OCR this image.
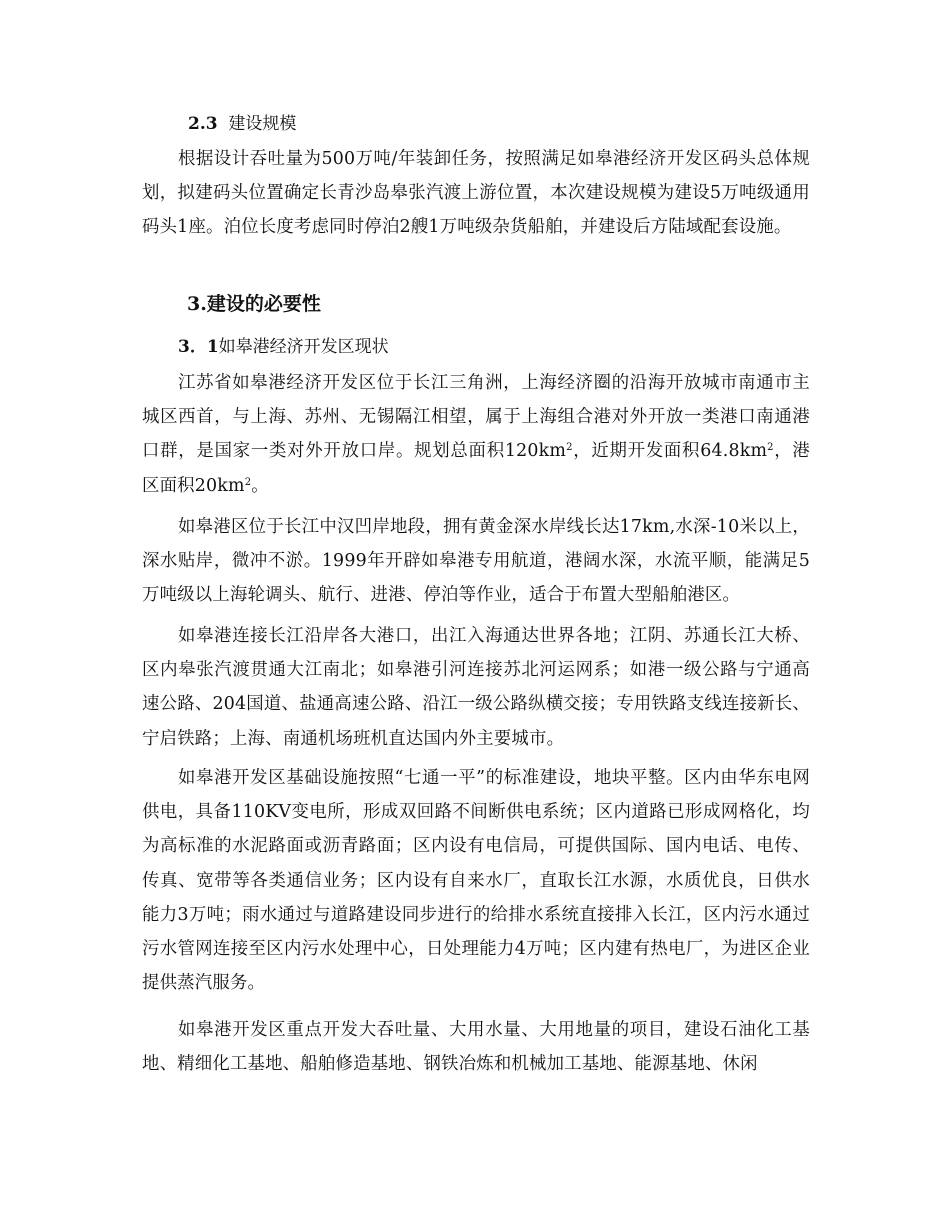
2.3 建设规模
根据设计吞吐量为500万吨/年装卸任务，按照满足如皋港经济开发区码头总体规划，拟建码头位置确定长青沙岛皋张汽渡上游位置，本次建设规模为建设5万吨级通用码头1座。泊位长度考虑同时停泊2艘1万吨级杂货船舶，并建设后方陆域配套设施。
3.建设的必要性
3．1如皋港经济开发区现状
江苏省如皋港经济开发区位于长江三角洲，上海经济圈的沿海开放城市南通市主城区西首，与上海、苏州、无锡隔江相望，属于上海组合港对外开放一类港口南通港口群，是国家一类对外开放口岸。规划总面积$120km^2$，近期开发面积$64.8km^2$，港区面积$20km^2$。
如皋港区位于长江中汉凹岸地段，拥有黄金深水岸线长达17km,水深-10米以上，深水贴岸，微冲不淤。1999年开辟如皋港专用航道，港阔水深，水流平顺，能满足5万吨级以上海轮调头、航行、进港、停泊等作业，适合于布置大型船舶港区。
如皋港连接长江沿岸各大港口，出江入海通达世界各地；江阴、苏通长江大桥、区内皋张汽渡贯通大江南北；如皋港引河连接苏北河运网系；如港一级公路与宁通高速公路、204国道、盐通高速公路、沿江一级公路纵横交接；专用铁路支线连接新长、宁启铁路；上海、南通机场班机直达国内外主要城市。
如皋港开发区基础设施按照“七通一平”的标准建设，地块平整。区内由华东电网供电，具备110KV变电所，形成双回路不间断供电系统；区内道路已形成网格化，均为高标准的水泥路面或沥青路面；区内设有电信局，可提供国际、国内电话、电传、传真、宽带等各类通信业务；区内设有自来水厂，直取长江水源，水质优良，日供水能力3万吨；雨水通过与道路建设同步进行的给排水系统直接排入长江，区内污水通过污水管网连接至区内污水处理中心，日处理能力4万吨；区内建有热电厂，为进区企业提供蒸汽服务。
如皋港开发区重点开发大吞吐量、大用水量、大用地量的项目，建设石油化工基地、精细化工基地、船舶修造基地、钢铁冶炼和机械加工基地、能源基地、休闲
